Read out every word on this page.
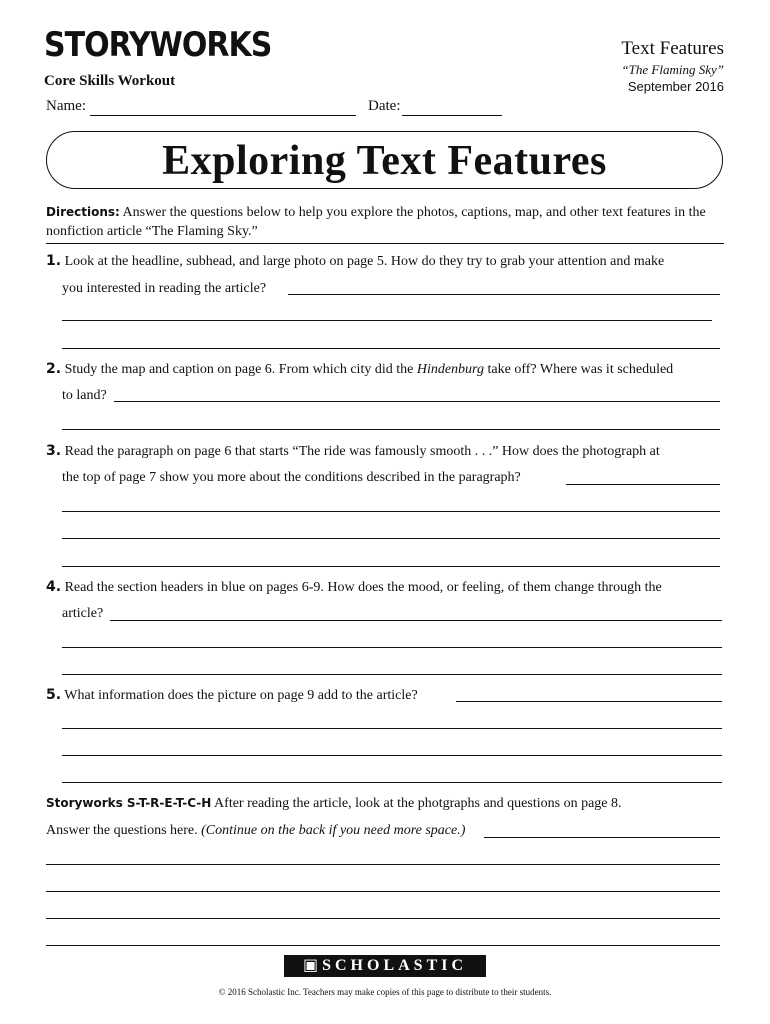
STORYWORKS
Core Skills Workout
Text Features
“The Flaming Sky”
September 2016
Name:	Date:
Exploring Text Features
Directions: Answer the questions below to help you explore the photos, captions, map, and other text features in the nonfiction article “The Flaming Sky.”
1. Look at the headline, subhead, and large photo on page 5. How do they try to grab your attention and make
you interested in reading the article?
2. Study the map and caption on page 6. From which city did the Hindenburg take off? Where was it scheduled
to land?
3. Read the paragraph on page 6 that starts “The ride was famously smooth . . .” How does the photograph at
the top of page 7 show you more about the conditions described in the paragraph?
4. Read the section headers in blue on pages 6-9. How does the mood, or feeling, of them change through the
article?
5. What information does the picture on page 9 add to the article?
Storyworks S-T-R-E-T-C-H After reading the article, look at the photgraphs and questions on page 8.
Answer the questions here. (Continue on the back if you need more space.)
▣ SCHOLASTIC
© 2016 Scholastic Inc. Teachers may make copies of this page to distribute to their students.
